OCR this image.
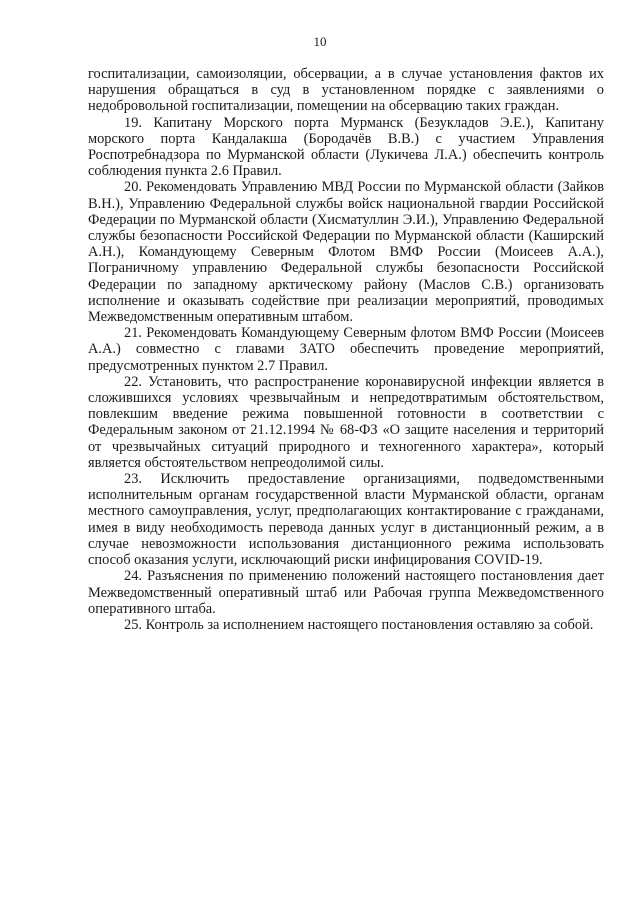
10

госпитализации, самоизоляции, обсервации, а в случае установления фактов их нарушения обращаться в суд в установленном порядке с заявлениями о недобровольной госпитализации, помещении на обсервацию таких граждан.

19. Капитану Морского порта Мурманск (Безукладов Э.Е.), Капитану морского порта Кандалакша (Бородачёв В.В.) с участием Управления Роспотребнадзора по Мурманской области (Лукичева Л.А.) обеспечить контроль соблюдения пункта 2.6 Правил.

20. Рекомендовать Управлению МВД России по Мурманской области (Зайков В.Н.), Управлению Федеральной службы войск национальной гвардии Российской Федерации по Мурманской области (Хисматуллин Э.И.), Управлению Федеральной службы безопасности Российской Федерации по Мурманской области (Каширский А.Н.), Командующему Северным Флотом ВМФ России (Моисеев А.А.), Пограничному управлению Федеральной службы безопасности Российской Федерации по западному арктическому району (Маслов С.В.) организовать исполнение и оказывать содействие при реализации мероприятий, проводимых Межведомственным оперативным штабом.

21. Рекомендовать Командующему Северным флотом ВМФ России (Моисеев А.А.) совместно с главами ЗАТО обеспечить проведение мероприятий, предусмотренных пунктом 2.7 Правил.

22. Установить, что распространение коронавирусной инфекции является в сложившихся условиях чрезвычайным и непредотвратимым обстоятельством, повлекшим введение режима повышенной готовности в соответствии с Федеральным законом от 21.12.1994 № 68-ФЗ «О защите населения и территорий от чрезвычайных ситуаций природного и техногенного характера», который является обстоятельством непреодолимой силы.

23. Исключить предоставление организациями, подведомственными исполнительным органам государственной власти Мурманской области, органам местного самоуправления, услуг, предполагающих контактирование с гражданами, имея в виду необходимость перевода данных услуг в дистанционный режим, а в случае невозможности использования дистанционного режима использовать способ оказания услуги, исключающий риски инфицирования COVID-19.

24. Разъяснения по применению положений настоящего постановления дает Межведомственный оперативный штаб или Рабочая группа Межведомственного оперативного штаба.

25. Контроль за исполнением настоящего постановления оставляю за собой.
